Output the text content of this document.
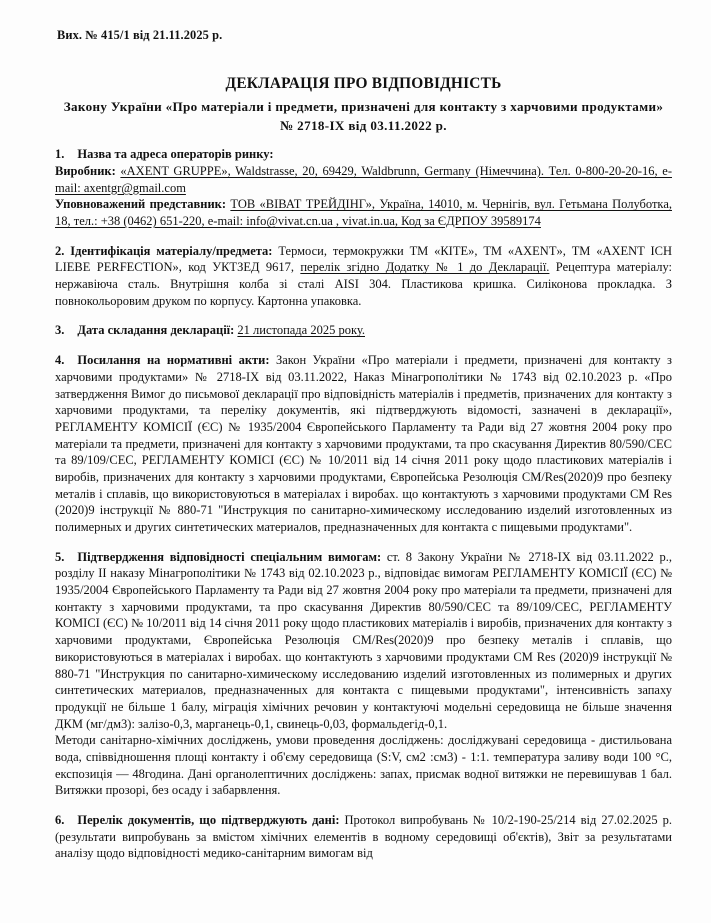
Вих. № 415/1 від 21.11.2025 р.
ДЕКЛАРАЦІЯ ПРО ВІДПОВІДНІСТЬ
Закону України «Про матеріали і предмети, призначені для контакту з харчовими продуктами» № 2718-IX від 03.11.2022 р.
1. Назва та адреса операторів ринку:
Виробник: «AXENT GRUPPE», Waldstrasse, 20, 69429, Waldbrunn, Germany (Німеччина). Тел. 0-800-20-20-16, e-mail: axentgr@gmail.com
Уповноважений представник: ТОВ «ВІВАТ ТРЕЙДІНГ», Україна, 14010, м. Чернігів, вул. Гетьмана Полуботка, 18, тел.: +38 (0462) 651-220, e-mail: info@vivat.cn.ua , vivat.in.ua, Код за ЄДРПОУ 39589174
2. Ідентифікація матеріалу/предмета: Термоси, термокружки ТМ «КІТЕ», ТМ «AXENT», ТМ «AXENT ICH LIEBE PERFECTION», код УКТЗЕД 9617, перелік згідно Додатку № 1 до Декларації. Рецептура матеріалу: нержавіюча сталь. Внутрішня колба зі сталі AISI 304. Пластикова кришка. Силіконова прокладка. З повнокольоровим друком по корпусу. Картонна упаковка.
3. Дата складання декларації: 21 листопада 2025 року.
4. Посилання на нормативні акти: Закон України «Про матеріали і предмети, призначені для контакту з харчовими продуктами» № 2718-IX від 03.11.2022, Наказ Мінагрополітики № 1743 від 02.10.2023 р. «Про затвердження Вимог до письмової декларації про відповідність матеріалів і предметів, призначених для контакту з харчовими продуктами, та переліку документів, які підтверджують відомості, зазначені в декларації», РЕГЛАМЕНТУ КОМІСІЇ (ЄС) № 1935/2004 Європейського Парламенту та Ради від 27 жовтня 2004 року про матеріали та предмети, призначені для контакту з харчовими продуктами, та про скасування Директив 80/590/СЕС та 89/109/СЕС, РЕГЛАМЕНТУ КОМІСІ (ЄС) № 10/2011 від 14 січня 2011 року щодо пластикових матеріалів і виробів, призначених для контакту з харчовими продуктами, Європейська Резолюція CM/Res(2020)9 про безпеку металів і сплавів, що використовуються в матеріалах і виробах. що контактують з харчовими продуктами CM Res (2020)9 інструкції № 880-71 "Инструкция по санитарно-химическому исследованию изделий изготовленных из полимерных и других синтетических материалов, предназначенных для контакта с пищевыми продуктами".
5. Підтвердження відповідності спеціальним вимогам: ст. 8 Закону України № 2718-IX від 03.11.2022 р., розділу ІІ наказу Мінагрополітики № 1743 від 02.10.2023 р., відповідає вимогам РЕГЛАМЕНТУ КОМІСІЇ (ЄС) № 1935/2004 Європейського Парламенту та Ради від 27 жовтня 2004 року про матеріали та предмети, призначені для контакту з харчовими продуктами, та про скасування Директив 80/590/СЕС та 89/109/СЕС, РЕГЛАМЕНТУ КОМІСІ (ЄС) № 10/2011 від 14 січня 2011 року щодо пластикових матеріалів і виробів, призначених для контакту з харчовими продуктами, Європейська Резолюція CM/Res(2020)9 про безпеку металів і сплавів, що використовуються в матеріалах і виробах. що контактують з харчовими продуктами CM Res (2020)9 інструкції № 880-71 "Инструкция по санитарно-химическому исследованию изделий изготовленных из полимерных и других синтетических материалов, предназначенных для контакта с пищевыми продуктами", інтенсивність запаху продукції не більше 1 балу, міграція хімічних речовин у контактуючі модельні середовища не більше значення ДКМ (мг/дм3): залізо-0,3, марганець-0,1, свинець-0,03, формальдегід-0,1.
Методи санітарно-хімічних досліджень, умови проведення досліджень: досліджувані середовища - дистильована вода, співвідношення площі контакту і об'єму середовища (S:V, см2 :см3) - 1:1. температура заливу води 100 °С, експозиція — 48година. Дані органолептичних досліджень: запах, присмак водної витяжки не перевишував 1 бал. Витяжки прозорі, без осаду і забарвлення.
6. Перелік документів, що підтверджують дані: Протокол випробувань № 10/2-190-25/214 від 27.02.2025 р. (результати випробувань за вмістом хімічних елементів в водному середовищі об'єктів), Звіт за результатами аналізу щодо відповідності медико-санітарним вимогам від
